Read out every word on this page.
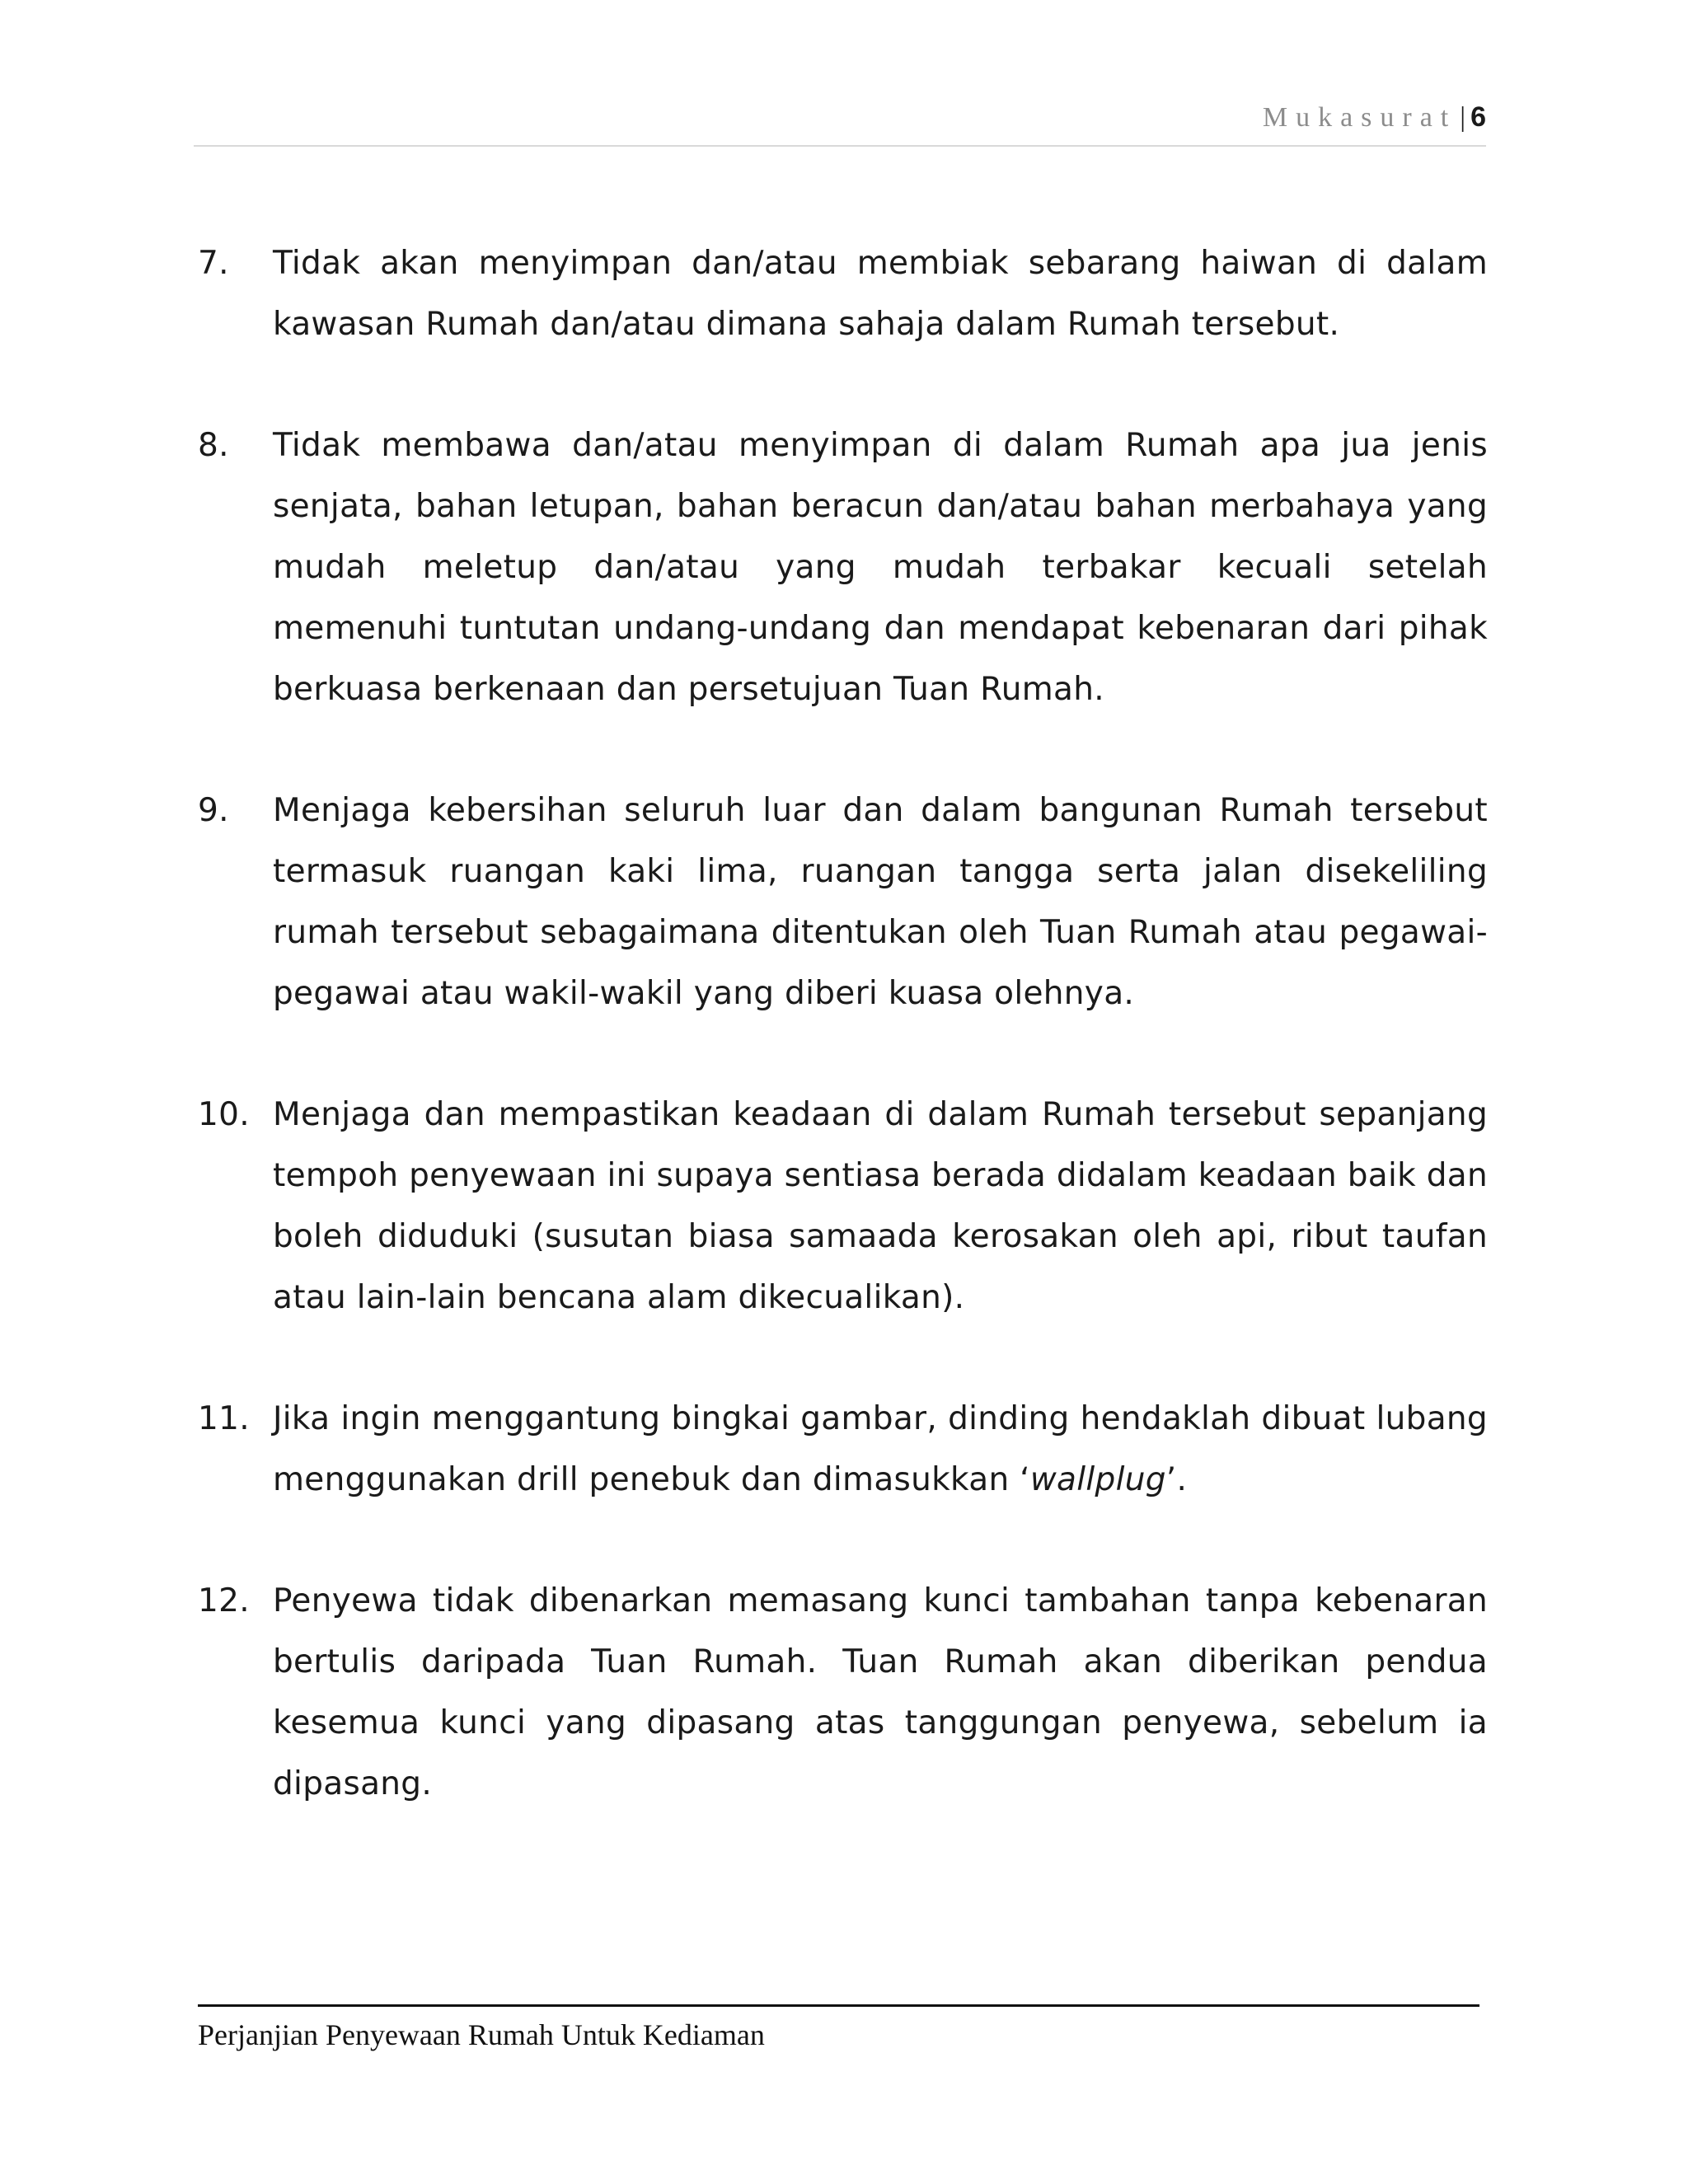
Mukasurat | 6
7. Tidak akan menyimpan dan/atau membiak sebarang haiwan di dalam kawasan Rumah dan/atau dimana sahaja dalam Rumah tersebut.
8. Tidak membawa dan/atau menyimpan di dalam Rumah apa jua jenis senjata, bahan letupan, bahan beracun dan/atau bahan merbahaya yang mudah meletup dan/atau yang mudah terbakar kecuali setelah memenuhi tuntutan undang-undang dan mendapat kebenaran dari pihak berkuasa berkenaan dan persetujuan Tuan Rumah.
9. Menjaga kebersihan seluruh luar dan dalam bangunan Rumah tersebut termasuk ruangan kaki lima, ruangan tangga serta jalan disekeliling rumah tersebut sebagaimana ditentukan oleh Tuan Rumah atau pegawai-pegawai atau wakil-wakil yang diberi kuasa olehnya.
10. Menjaga dan mempastikan keadaan di dalam Rumah tersebut sepanjang tempoh penyewaan ini supaya sentiasa berada didalam keadaan baik dan boleh diduduki (susutan biasa samaada kerosakan oleh api, ribut taufan atau lain-lain bencana alam dikecualikan).
11. Jika ingin menggantung bingkai gambar, dinding hendaklah dibuat lubang menggunakan drill penebuk dan dimasukkan ‘wallplug’.
12. Penyewa tidak dibenarkan memasang kunci tambahan tanpa kebenaran bertulis daripada Tuan Rumah. Tuan Rumah akan diberikan pendua kesemua kunci yang dipasang atas tanggungan penyewa, sebelum ia dipasang.
Perjanjian Penyewaan Rumah Untuk Kediaman
